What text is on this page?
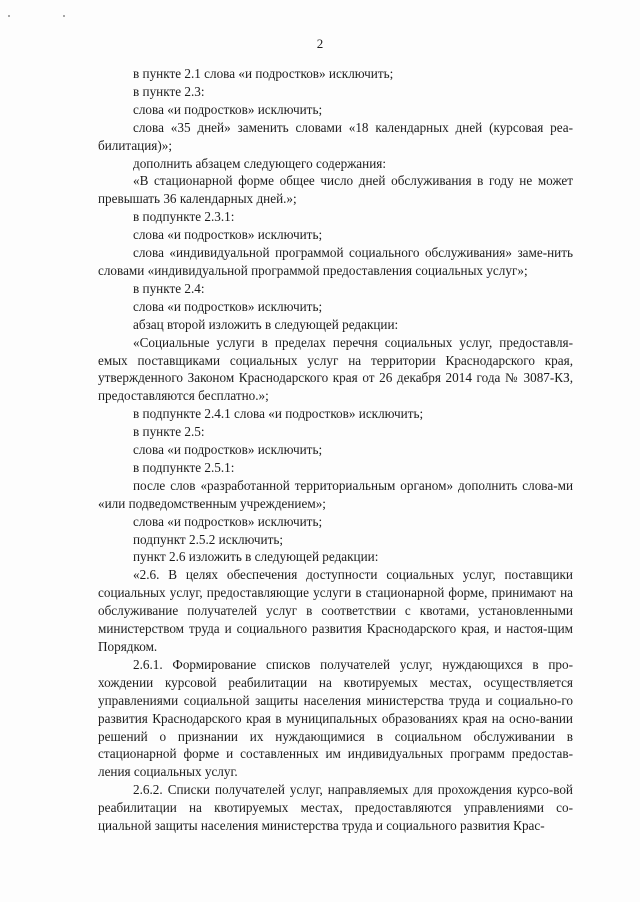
2

в пункте 2.1 слова «и подростков» исключить;

в пункте 2.3:

слова «и подростков» исключить;

слова «35 дней» заменить словами «18 календарных дней (курсовая реа-билитация)»;

дополнить абзацем следующего содержания:

«В стационарной форме общее число дней обслуживания в году не может превышать 36 календарных дней.»;

в подпункте 2.3.1:

слова «и подростков» исключить;

слова «индивидуальной программой социального обслуживания» заме-нить словами «индивидуальной программой предоставления социальных услуг»;

в пункте 2.4:

слова «и подростков» исключить;

абзац второй изложить в следующей редакции:

«Социальные услуги в пределах перечня социальных услуг, предоставля-емых поставщиками социальных услуг на территории Краснодарского края, утвержденного Законом Краснодарского края от 26 декабря 2014 года № 3087-КЗ, предоставляются бесплатно.»;

в подпункте 2.4.1 слова «и подростков» исключить;

в пункте 2.5:

слова «и подростков» исключить;

в подпункте 2.5.1:

после слов «разработанной территориальным органом» дополнить слова-ми «или подведомственным учреждением»;

слова «и подростков» исключить;

подпункт 2.5.2 исключить;

пункт 2.6 изложить в следующей редакции:

«2.6. В целях обеспечения доступности социальных услуг, поставщики социальных услуг, предоставляющие услуги в стационарной форме, принимают на обслуживание получателей услуг в соответствии с квотами, установленными министерством труда и социального развития Краснодарского края, и настоя-щим Порядком.

2.6.1. Формирование списков получателей услуг, нуждающихся в про-хождении курсовой реабилитации на квотируемых местах, осуществляется управлениями социальной защиты населения министерства труда и социально-го развития Краснодарского края в муниципальных образованиях края на осно-вании решений о признании их нуждающимися в социальном обслуживании в стационарной форме и составленных им индивидуальных программ предостав-ления социальных услуг.

2.6.2. Списки получателей услуг, направляемых для прохождения курсо-вой реабилитации на квотируемых местах, предоставляются управлениями со-циальной защиты населения министерства труда и социального развития Крас-
